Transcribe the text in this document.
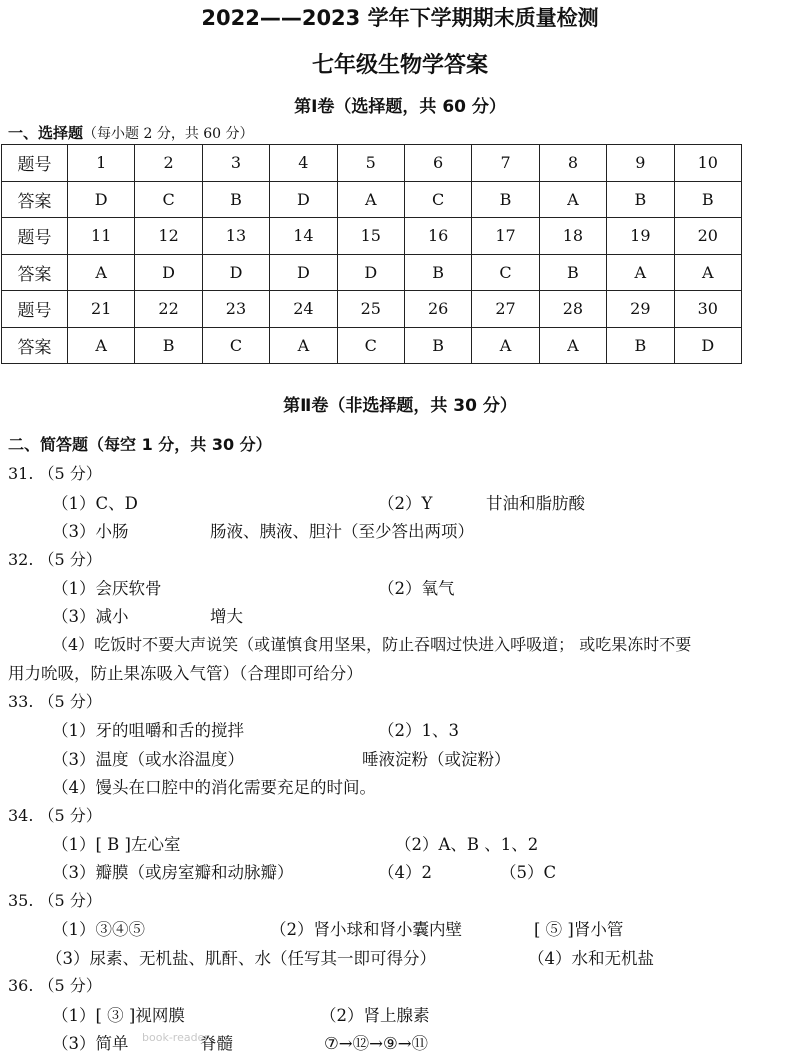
2022——2023 学年下学期期末质量检测
七年级生物学答案
第Ⅰ卷（选择题，共 60 分）
一、选择题（每小题 2 分，共 60 分）
题号	1	2	3	4	5	6	7	8	9	10
答案	D	C	B	D	A	C	B	A	B	B
题号	11	12	13	14	15	16	17	18	19	20
答案	A	D	D	D	D	B	C	B	A	A
题号	21	22	23	24	25	26	27	28	29	30
答案	A	B	C	A	C	B	A	A	B	D
第Ⅱ卷（非选择题，共 30 分）
二、简答题（每空 1 分，共 30 分）
31. （5 分）
（1）C、D	（2）Y	甘油和脂肪酸
（3）小肠	肠液、胰液、胆汁（至少答出两项）
32. （5 分）
（1）会厌软骨	（2）氧气
（3）减小	增大
（4）吃饭时不要大声说笑（或谨慎食用坚果，防止吞咽过快进入呼吸道； 或吃果冻时不要
用力吮吸，防止果冻吸入气管）（合理即可给分）
33. （5 分）
（1）牙的咀嚼和舌的搅拌	（2）1、3
（3）温度（或水浴温度）	唾液淀粉（或淀粉）
（4）馒头在口腔中的消化需要充足的时间。
34. （5 分）
（1）[ B ]左心室	（2）A、B 、1、2
（3）瓣膜（或房室瓣和动脉瓣）	（4）2	（5）C
35. （5 分）
（1）③④⑤	（2）肾小球和肾小囊内壁	[ ⑤ ]肾小管
（3）尿素、无机盐、肌酐、水（任写其一即可得分）	（4）水和无机盐
36. （5 分）
（1）[ ③ ]视网膜	（2）肾上腺素
（3）简单	脊髓	⑦→⑫→⑨→⑪
book-reader
